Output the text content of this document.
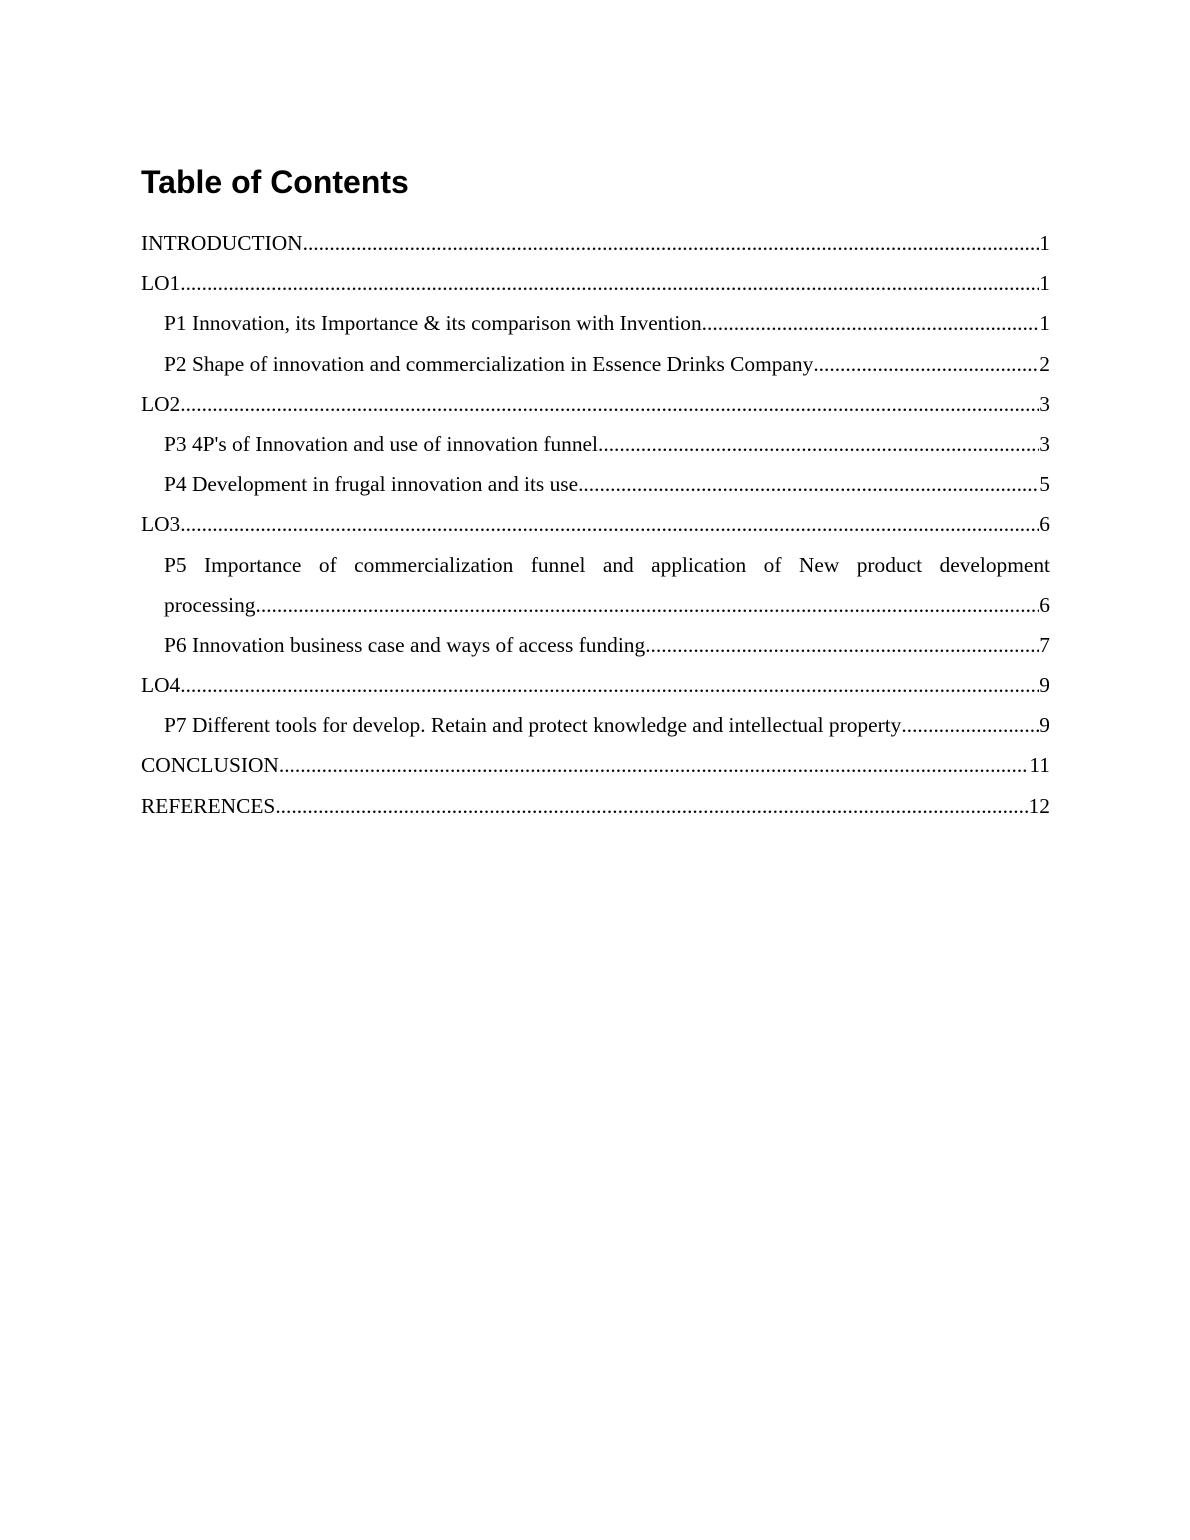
Table of Contents
INTRODUCTION .....	1
LO1 .....	1
P1 Innovation, its Importance & its comparison with Invention .....	1
P2 Shape of innovation and commercialization in Essence Drinks Company .....	2
LO2 .....	3
P3 4P's of Innovation and use of innovation funnel .....	3
P4 Development in frugal innovation and its use .....	5
LO3 .....	6
P5 Importance of commercialization funnel and application of New product development
processing .....	6
P6 Innovation business case and ways of access funding .....	7
LO4 .....	9
P7 Different tools for develop. Retain and protect knowledge and intellectual property .....	9
CONCLUSION .....	11
REFERENCES .....	12
